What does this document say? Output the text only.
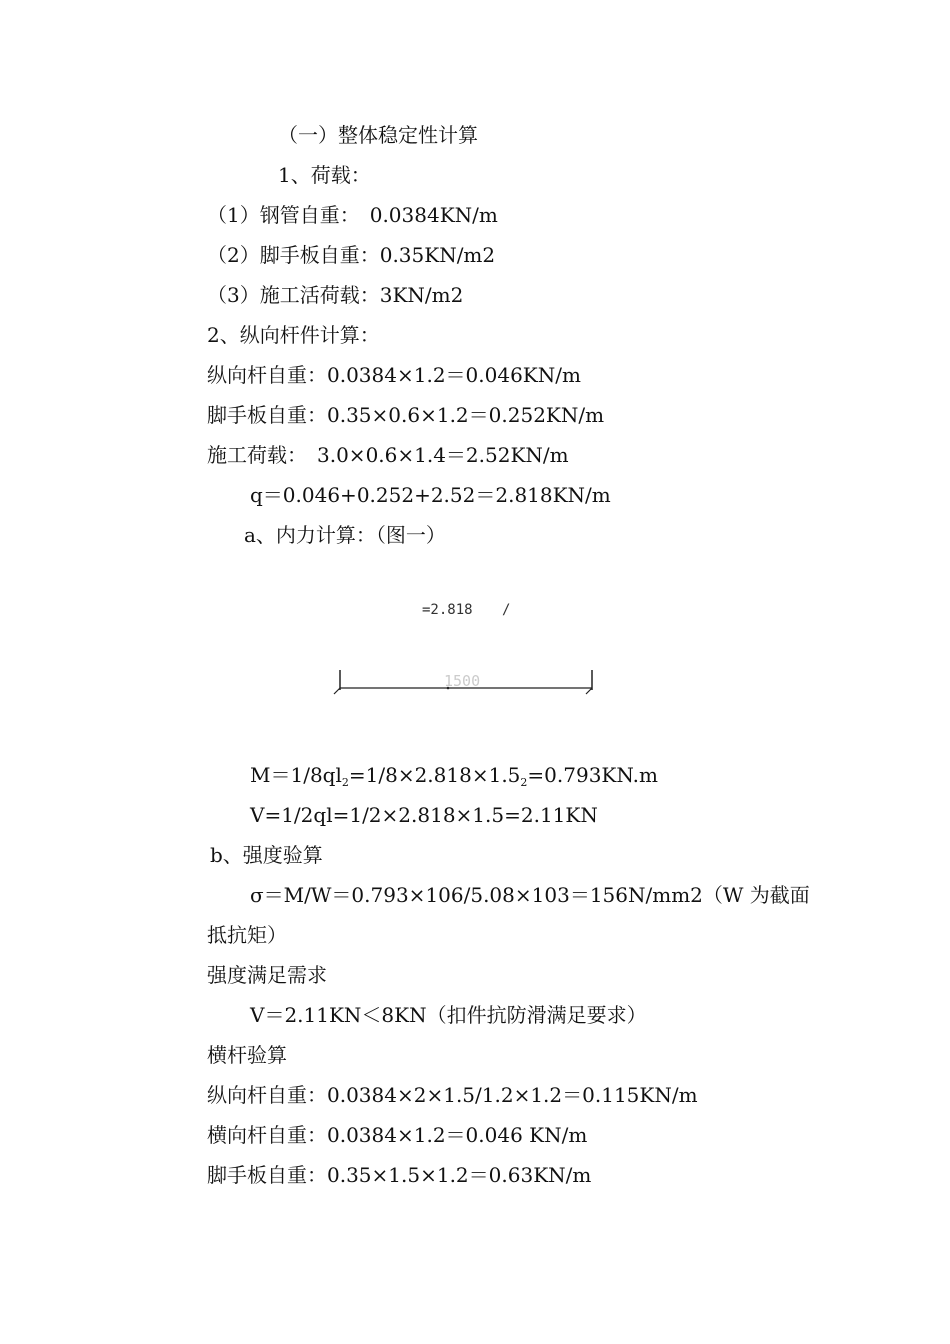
（一）整体稳定性计算
1、荷载：
（1）钢管自重：　0.0384KN/m
（2）脚手板自重：0.35KN/m2
（3）施工活荷载：3KN/m2
2、纵向杆件计算：
纵向杆自重：0.0384×1.2＝0.046KN/m
脚手板自重：0.35×0.6×1.2＝0.252KN/m
施工荷载：　3.0×0.6×1.4＝2.52KN/m
q＝0.046+0.252+2.52＝2.818KN/m
a、内力计算：（图一）
=2.818 /
1500
$M=1/8ql_2=1/8\times 2.818\times 1.5_2=0.793KN.m$
V=1/2ql=1/2×2.818×1.5=2.11KN
b、强度验算
σ＝M/W＝0.793×106/5.08×103＝156N/mm2（W 为截面
抵抗矩）
强度满足需求
V＝2.11KN＜8KN（扣件抗防滑满足要求）
横杆验算
纵向杆自重：0.0384×2×1.5/1.2×1.2＝0.115KN/m
横向杆自重：0.0384×1.2＝0.046 KN/m
脚手板自重：0.35×1.5×1.2＝0.63KN/m
